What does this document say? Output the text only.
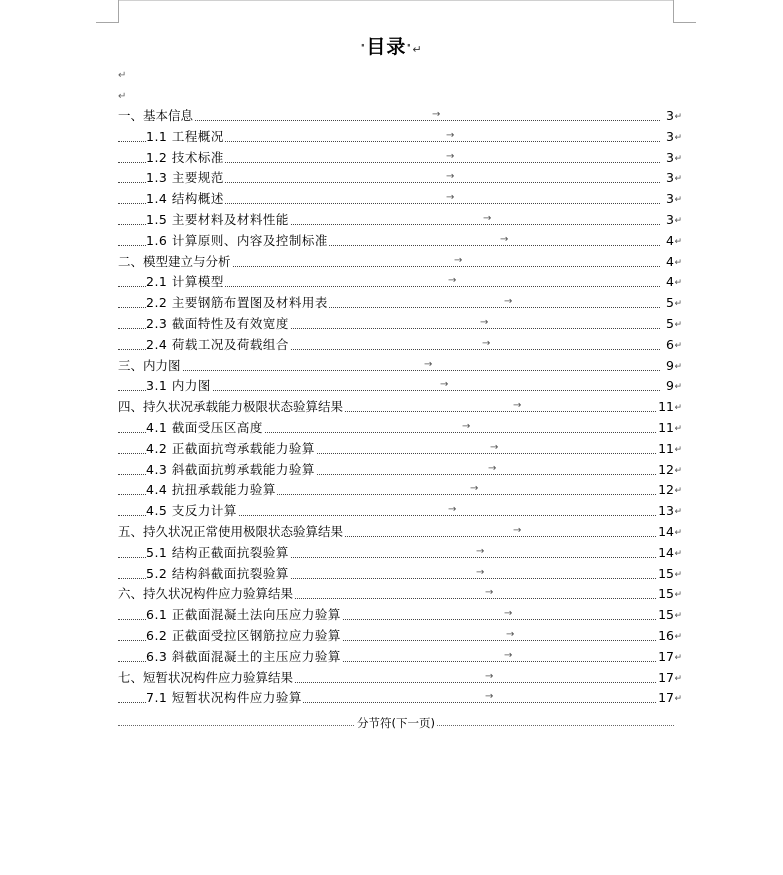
·目录·↵
↵
↵
一、基本信息	→	3 ↵
1.1 工程概况	→	3 ↵
1.2 技术标准	→	3 ↵
1.3 主要规范	→	3 ↵
1.4 结构概述	→	3 ↵
1.5 主要材料及材料性能	→	3 ↵
1.6 计算原则、内容及控制标准	→	4 ↵
二、模型建立与分析	→	4 ↵
2.1 计算模型	→	4 ↵
2.2 主要钢筋布置图及材料用表	→	5 ↵
2.3 截面特性及有效宽度	→	5 ↵
2.4 荷载工况及荷载组合	→	6 ↵
三、内力图	→	9 ↵
3.1 内力图	→	9 ↵
四、持久状况承载能力极限状态验算结果	→	11 ↵
4.1 截面受压区高度	→	11 ↵
4.2 正截面抗弯承载能力验算	→	11 ↵
4.3 斜截面抗剪承载能力验算	→	12 ↵
4.4 抗扭承载能力验算	→	12 ↵
4.5 支反力计算	→	13 ↵
五、持久状况正常使用极限状态验算结果	→	14 ↵
5.1 结构正截面抗裂验算	→	14 ↵
5.2 结构斜截面抗裂验算	→	15 ↵
六、持久状况构件应力验算结果	→	15 ↵
6.1 正截面混凝土法向压应力验算	→	15 ↵
6.2 正截面受拉区钢筋拉应力验算	→	16 ↵
6.3 斜截面混凝土的主压应力验算	→	17 ↵
七、短暂状况构件应力验算结果	→	17 ↵
7.1 短暂状况构件应力验算	→	17 ↵
分节符(下一页)
